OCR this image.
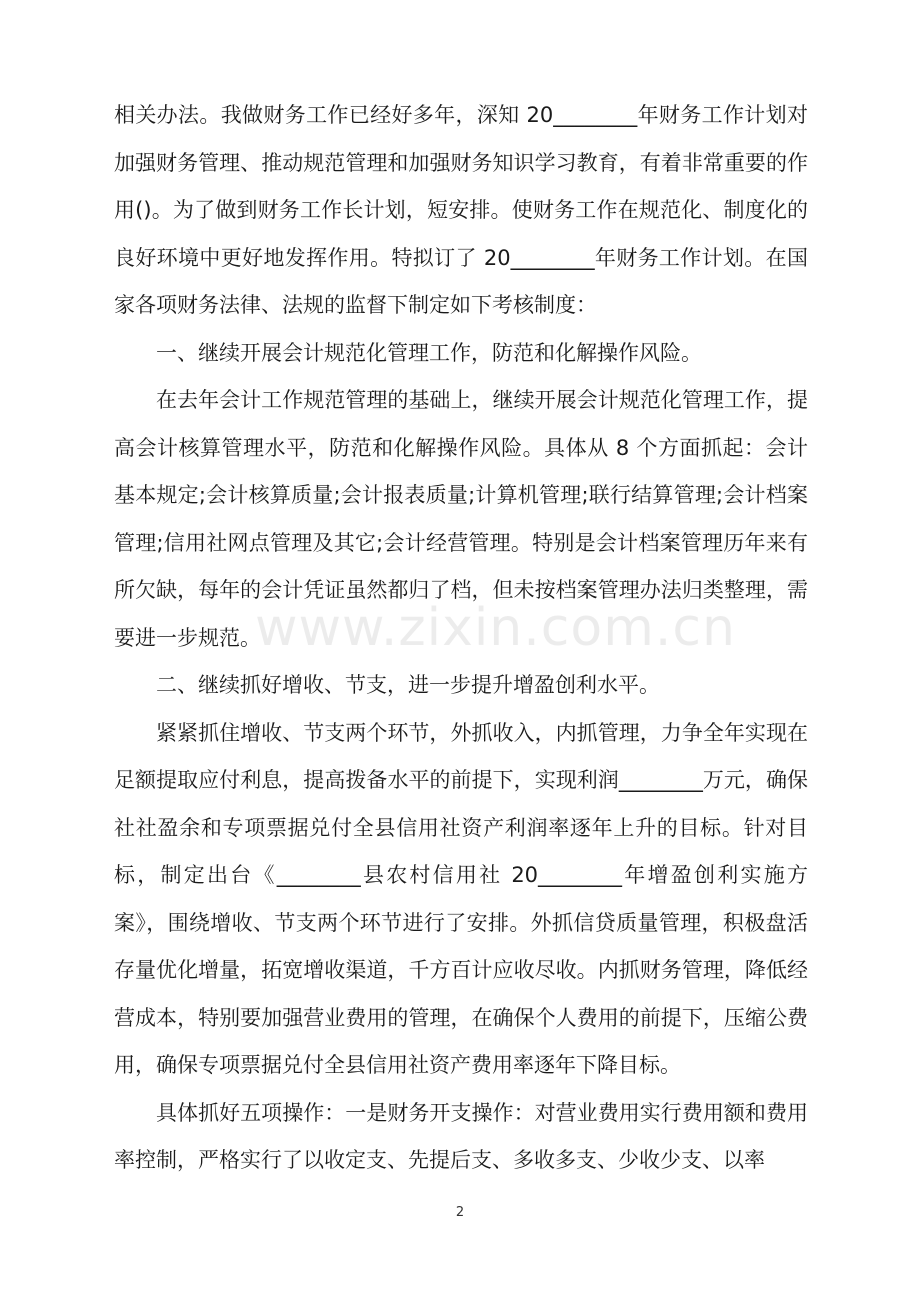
相关办法。我做财务工作已经好多年，深知 20________年财务工作计划对加强财务管理、推动规范管理和加强财务知识学习教育，有着非常重要的作用()。为了做到财务工作长计划，短安排。使财务工作在规范化、制度化的良好环境中更好地发挥作用。特拟订了 20________年财务工作计划。在国家各项财务法律、法规的监督下制定如下考核制度：

一、继续开展会计规范化管理工作，防范和化解操作风险。

在去年会计工作规范管理的基础上，继续开展会计规范化管理工作，提高会计核算管理水平，防范和化解操作风险。具体从 8 个方面抓起：会计基本规定;会计核算质量;会计报表质量;计算机管理;联行结算管理;会计档案管理;信用社网点管理及其它;会计经营管理。特别是会计档案管理历年来有所欠缺，每年的会计凭证虽然都归了档，但未按档案管理办法归类整理，需要进一步规范。

二、继续抓好增收、节支，进一步提升增盈创利水平。

紧紧抓住增收、节支两个环节，外抓收入，内抓管理，力争全年实现在足额提取应付利息，提高拨备水平的前提下，实现利润________万元，确保社社盈余和专项票据兑付全县信用社资产利润率逐年上升的目标。针对目标，制定出台《________县农村信用社 20________年增盈创利实施方案》，围绕增收、节支两个环节进行了安排。外抓信贷质量管理，积极盘活存量优化增量，拓宽增收渠道，千方百计应收尽收。内抓财务管理，降低经营成本，特别要加强营业费用的管理，在确保个人费用的前提下，压缩公费用，确保专项票据兑付全县信用社资产费用率逐年下降目标。

具体抓好五项操作：一是财务开支操作：对营业费用实行费用额和费用率控制，严格实行了以收定支、先提后支、多收多支、少收少支、以率

www.zixin.com.cn
2
